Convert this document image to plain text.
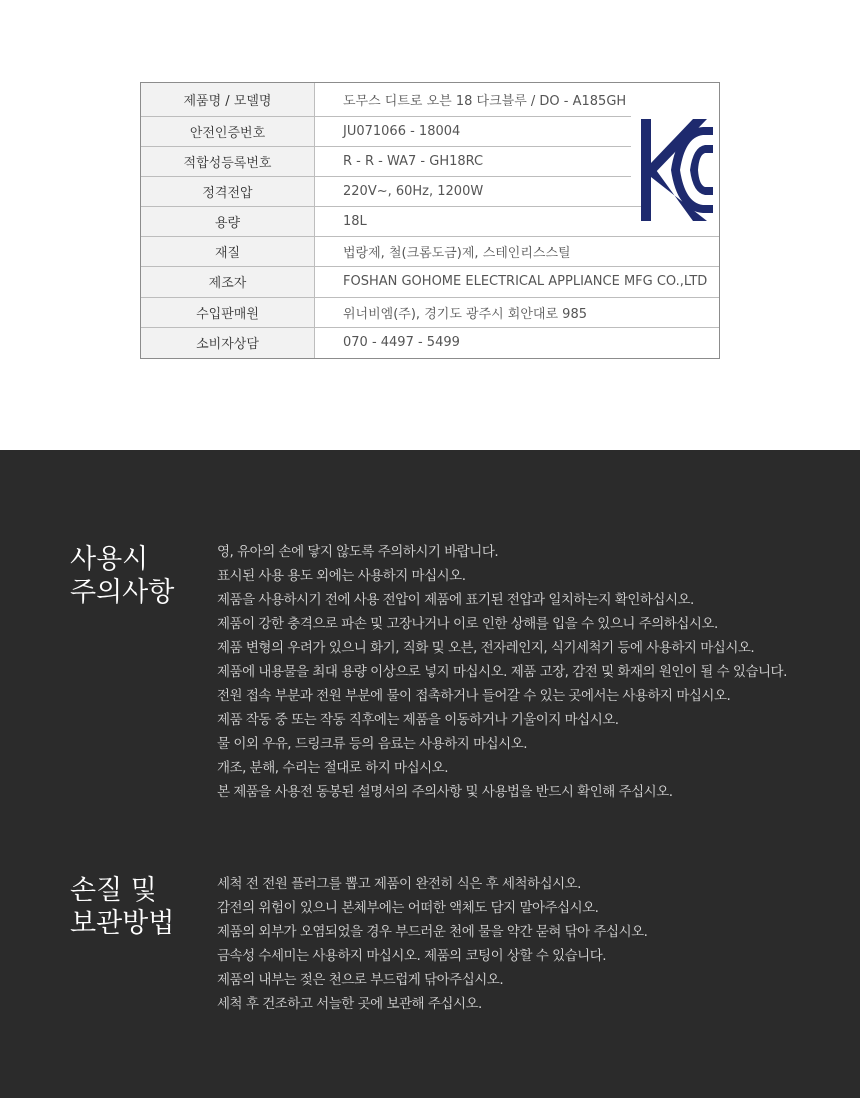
제품명 / 모델명	도무스 디트로 오븐 18 다크블루 / DO - A185GH
안전인증번호	JU071066 - 18004
적합성등록번호	R - R - WA7 - GH18RC
정격전압	220V~, 60Hz, 1200W
용량	18L
재질	법랑제, 철(크롬도금)제, 스테인리스스틸
제조자	FOSHAN GOHOME ELECTRICAL APPLIANCE MFG CO.,LTD
수입판매원	위너비엠(주), 경기도 광주시 회안대로 985
소비자상담	070 - 4497 - 5499
사용시
주의사항
영, 유아의 손에 닿지 않도록 주의하시기 바랍니다.
표시된 사용 용도 외에는 사용하지 마십시오.
제품을 사용하시기 전에 사용 전압이 제품에 표기된 전압과 일치하는지 확인하십시오.
제품이 강한 충격으로 파손 및 고장나거나 이로 인한 상해를 입을 수 있으니 주의하십시오.
제품 변형의 우려가 있으니 화기, 직화 및 오븐, 전자레인지, 식기세척기 등에 사용하지 마십시오.
제품에 내용물을 최대 용량 이상으로 넣지 마십시오. 제품 고장, 감전 및 화재의 원인이 될 수 있습니다.
전원 접속 부분과 전원 부분에 물이 접촉하거나 들어갈 수 있는 곳에서는 사용하지 마십시오.
제품 작동 중 또는 작동 직후에는 제품을 이동하거나 기울이지 마십시오.
물 이외 우유, 드링크류 등의 음료는 사용하지 마십시오.
개조, 분해, 수리는 절대로 하지 마십시오.
본 제품을 사용전 동봉된 설명서의 주의사항 및 사용법을 반드시 확인해 주십시오.
손질 및
보관방법
세척 전 전원 플러그를 뽑고 제품이 완전히 식은 후 세척하십시오.
감전의 위험이 있으니 본체부에는 어떠한 액체도 담지 말아주십시오.
제품의 외부가 오염되었을 경우 부드러운 천에 물을 약간 묻혀 닦아 주십시오.
금속성 수세미는 사용하지 마십시오. 제품의 코팅이 상할 수 있습니다.
제품의 내부는 젖은 천으로 부드럽게 닦아주십시오.
세척 후 건조하고 서늘한 곳에 보관해 주십시오.
